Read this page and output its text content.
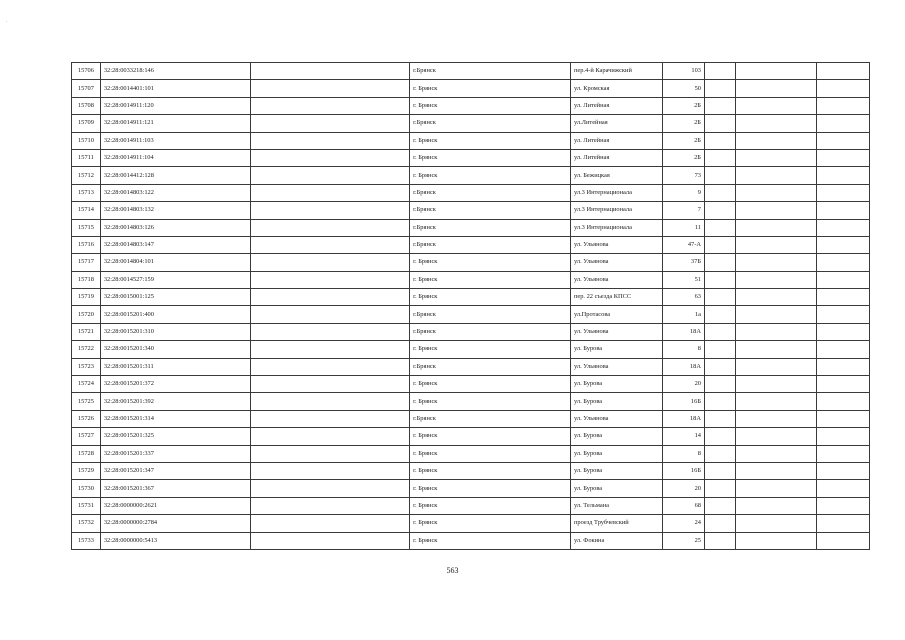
.
15706	32:28:0033218:146		г.Брянск	пер.4-й Карачижский	103			
15707	32:28:0014401:101		г. Брянск	ул. Кромская	50			
15708	32:28:0014911:120		г. Брянск	ул. Литейная	2Б			
15709	32:28:0014911:121		г.Брянск	ул.Литейная	2Б			
15710	32:28:0014911:103		г. Брянск	ул. Литейная	2Б			
15711	32:28:0014911:104		г. Брянск	ул. Литейная	2Б			
15712	32:28:0014412:128		г. Брянск	ул. Бежицкая	73			
15713	32:28:0014803:122		г.Брянск	ул.3 Интернационала	9			
15714	32:28:0014803:132		г.Брянск	ул.3 Интернационала	7			
15715	32:28:0014803:126		г.Брянск	ул.3 Интернационала	11			
15716	32:28:0014803:147		г.Брянск	ул. Ульянова	47-А			
15717	32:28:0014804:101		г. Брянск	ул. Ульянова	37Б			
15718	32:28:0014527:159		г. Брянск	ул. Ульянова	51			
15719	32:28:0015001:125		г. Брянск	пер. 22 съезда КПСС	63			
15720	32:28:0015201:400		г.Брянск	ул.Протасова	1а			
15721	32:28:0015201:310		г.Брянск	ул. Ульянова	18А			
15722	32:28:0015201:340		г. Брянск	ул. Бурова	8			
15723	32:28:0015201:311		г.Брянск	ул. Ульянова	18А			
15724	32:28:0015201:372		г. Брянск	ул. Бурова	20			
15725	32:28:0015201:392		г. Брянск	ул. Бурова	16Б			
15726	32:28:0015201:314		г.Брянск	ул. Ульянова	18А			
15727	32:28:0015201:325		г. Брянск	ул. Бурова	14			
15728	32:28:0015201:337		г. Брянск	ул. Бурова	8			
15729	32:28:0015201:347		г. Брянск	ул. Бурова	16Б			
15730	32:28:0015201:367		г. Брянск	ул. Бурова	20			
15731	32:28:0000000:2621		г. Брянск	ул. Тельмана	68			
15732	32:28:0000000:2784		г. Брянск	проезд Трубчевский	24			
15733	32:28:0000000:5413		г. Брянск	ул. Фокина	25			
563
